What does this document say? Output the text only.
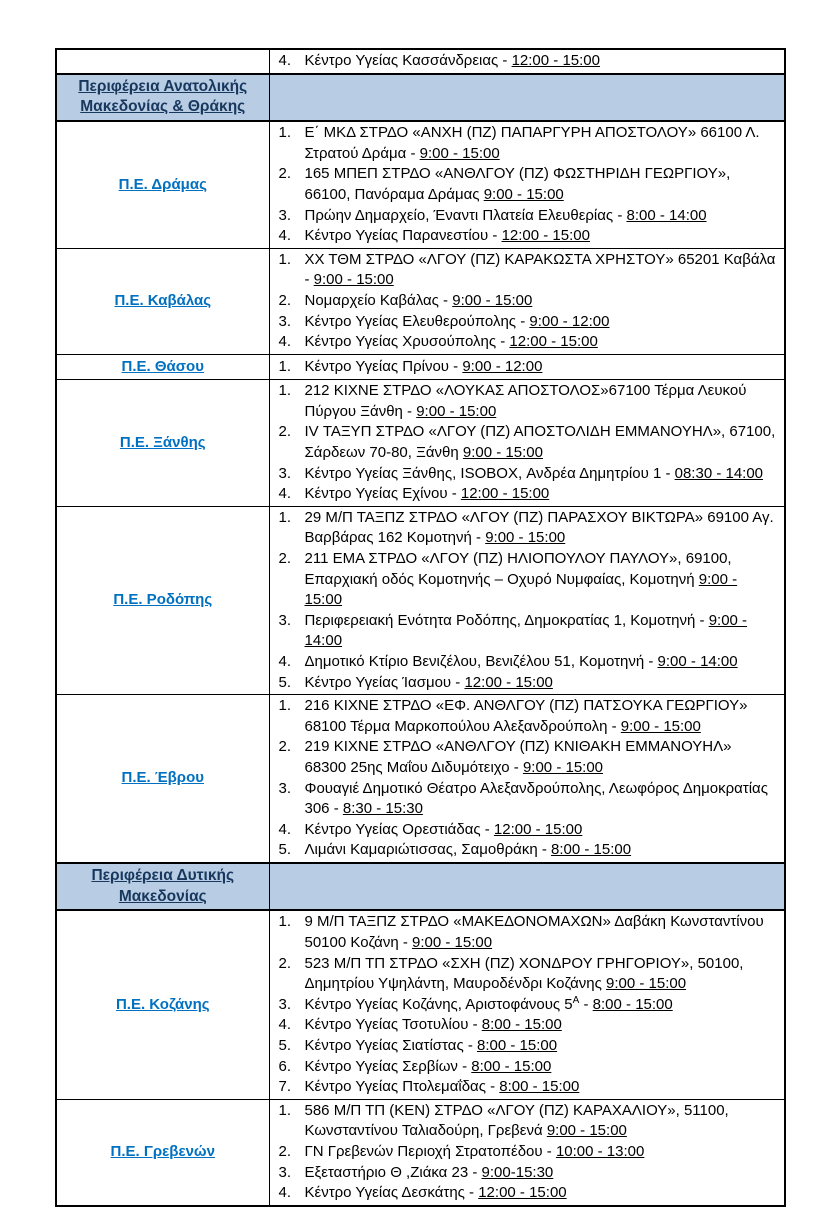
	4. Κέντρο Υγείας Κασσάνδρειας - 12:00 - 15:00

Περιφέρεια Ανατολικής Μακεδονίας & Θράκης	
Π.Ε. Δράμας	
1. Ε΄ ΜΚΔ ΣΤΡΔΟ «ΑΝΧΗ (ΠΖ) ΠΑΠΑΡΓΥΡΗ ΑΠΟΣΤΟΛΟΥ» 66100 Λ. Στρατού Δράμα - 9:00 - 15:00
2. 165 ΜΠΕΠ ΣΤΡΔΟ «ΑΝΘΛΓΟΥ (ΠΖ) ΦΩΣΤΗΡΙΔΗ ΓΕΩΡΓΙΟΥ», 66100, Πανόραμα Δράμας 9:00 - 15:00
3. Πρώην Δημαρχείο, Έναντι Πλατεία Ελευθερίας - 8:00 - 14:00
4. Κέντρο Υγείας Παρανεστίου - 12:00 - 15:00

Π.Ε. Καβάλας	
1. ΧΧ ΤΘΜ ΣΤΡΔΟ «ΛΓΟΥ (ΠΖ) ΚΑΡΑΚΩΣΤΑ ΧΡΗΣΤΟΥ» 65201 Καβάλα - 9:00 - 15:00
2. Νομαρχείο Καβάλας - 9:00 - 15:00
3. Κέντρο Υγείας Ελευθερούπολης - 9:00 - 12:00
4. Κέντρο Υγείας Χρυσούπολης - 12:00 - 15:00

Π.Ε. Θάσου	1. Κέντρο Υγείας Πρίνου - 9:00 - 12:00

Π.Ε. Ξάνθης	
1. 212 ΚΙΧΝΕ ΣΤΡΔΟ «ΛΟΥΚΑΣ ΑΠΟΣΤΟΛΟΣ»67100 Τέρμα Λευκού Πύργου Ξάνθη - 9:00 - 15:00
2. IV ΤΑΞΥΠ ΣΤΡΔΟ «ΛΓΟΥ (ΠΖ) ΑΠΟΣΤΟΛΙΔΗ ΕΜΜΑΝΟΥΗΛ», 67100, Σάρδεων 70-80, Ξάνθη 9:00 - 15:00
3. Κέντρο Υγείας Ξάνθης, ISOBOX, Ανδρέα Δημητρίου 1 - 08:30 - 14:00
4. Κέντρο Υγείας Εχίνου - 12:00 - 15:00

Π.Ε. Ροδόπης	
1. 29 Μ/Π ΤΑΞΠΖ ΣΤΡΔΟ «ΛΓΟΥ (ΠΖ) ΠΑΡΑΣΧΟΥ ΒΙΚΤΩΡΑ» 69100 Αγ. Βαρβάρας 162 Κομοτηνή - 9:00 - 15:00
2. 211 ΕΜΑ ΣΤΡΔΟ «ΛΓΟΥ (ΠΖ) ΗΛΙΟΠΟΥΛΟΥ ΠΑΥΛΟΥ», 69100, Επαρχιακή οδός Κομοτηνής – Οχυρό Νυμφαίας, Κομοτηνή 9:00 - 15:00
3. Περιφερειακή Ενότητα Ροδόπης, Δημοκρατίας 1, Κομοτηνή - 9:00 - 14:00
4. Δημοτικό Κτίριο Βενιζέλου, Βενιζέλου 51, Κομοτηνή - 9:00 - 14:00
5. Κέντρο Υγείας Ίασμου - 12:00 - 15:00

Π.Ε. Έβρου	
1. 216 ΚΙΧΝΕ ΣΤΡΔΟ «ΕΦ. ΑΝΘΛΓΟΥ (ΠΖ) ΠΑΤΣΟΥΚΑ ΓΕΩΡΓΙΟΥ» 68100 Τέρμα Μαρκοπούλου Αλεξανδρούπολη - 9:00 - 15:00
2. 219 ΚΙΧΝΕ ΣΤΡΔΟ «ΑΝΘΛΓΟΥ (ΠΖ) ΚΝΙΘΑΚΗ ΕΜΜΑΝΟΥΗΛ» 68300 25ης Μαΐου Διδυμότειχο - 9:00 - 15:00
3. Φουαγιέ Δημοτικό Θέατρο Αλεξανδρούπολης, Λεωφόρος Δημοκρατίας 306 - 8:30 - 15:30
4. Κέντρο Υγείας Ορεστιάδας - 12:00 - 15:00
5. Λιμάνι Καμαριώτισσας, Σαμοθράκη - 8:00 - 15:00

Περιφέρεια Δυτικής Μακεδονίας	
Π.Ε. Κοζάνης	
1. 9 Μ/Π ΤΑΞΠΖ ΣΤΡΔΟ «ΜΑΚΕΔΟΝΟΜΑΧΩΝ» Δαβάκη Κωνσταντίνου 50100 Κοζάνη - 9:00 - 15:00
2. 523 Μ/Π ΤΠ ΣΤΡΔΟ «ΣΧΗ (ΠΖ) ΧΟΝΔΡΟΥ ΓΡΗΓΟΡΙΟΥ», 50100, Δημητρίου Υψηλάντη, Μαυροδένδρι Κοζάνης 9:00 - 15:00
3. Κέντρο Υγείας Κοζάνης, Αριστοφάνους $5^A$ - 8:00 - 15:00
4. Κέντρο Υγείας Τσοτυλίου - 8:00 - 15:00
5. Κέντρο Υγείας Σιατίστας - 8:00 - 15:00
6. Κέντρο Υγείας Σερβίων - 8:00 - 15:00
7. Κέντρο Υγείας Πτολεμαΐδας - 8:00 - 15:00

Π.Ε. Γρεβενών	
1. 586 Μ/Π ΤΠ (ΚΕΝ) ΣΤΡΔΟ «ΛΓΟΥ (ΠΖ) ΚΑΡΑΧΑΛΙΟΥ», 51100, Κωνσταντίνου Ταλιαδούρη, Γρεβενά 9:00 - 15:00
2. ΓΝ Γρεβενών Περιοχή Στρατοπέδου - 10:00 - 13:00
3. Εξεταστήριο Θ ,Ζιάκα 23 - 9:00-15:30
4. Κέντρο Υγείας Δεσκάτης - 12:00 - 15:00
